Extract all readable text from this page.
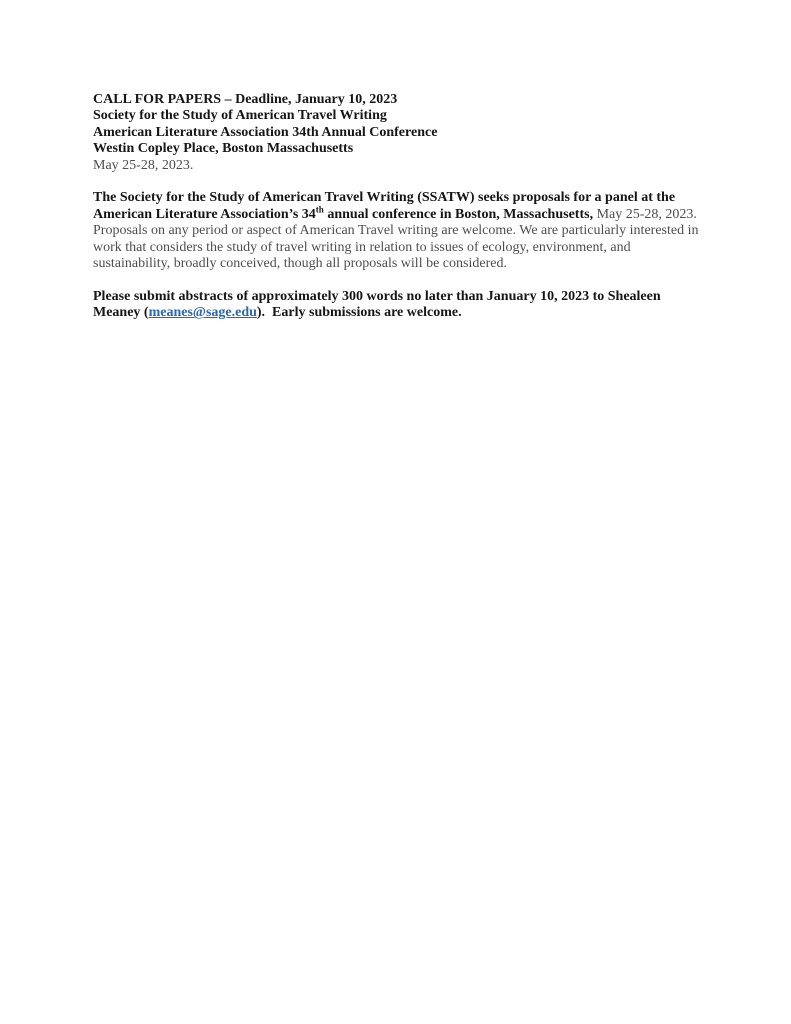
CALL FOR PAPERS – Deadline, January 10, 2023
Society for the Study of American Travel Writing
American Literature Association 34th Annual Conference
Westin Copley Place, Boston Massachusetts
May 25-28, 2023.

The Society for the Study of American Travel Writing (SSATW) seeks proposals for a panel at the American Literature Association’s 34th annual conference in Boston, Massachusetts, May 25-28, 2023.  Proposals on any period or aspect of American Travel writing are welcome. We are particularly interested in work that considers the study of travel writing in relation to issues of ecology, environment, and sustainability, broadly conceived, though all proposals will be considered.

Please submit abstracts of approximately 300 words no later than January 10, 2023 to Shealeen Meaney (meanes@sage.edu).  Early submissions are welcome.
